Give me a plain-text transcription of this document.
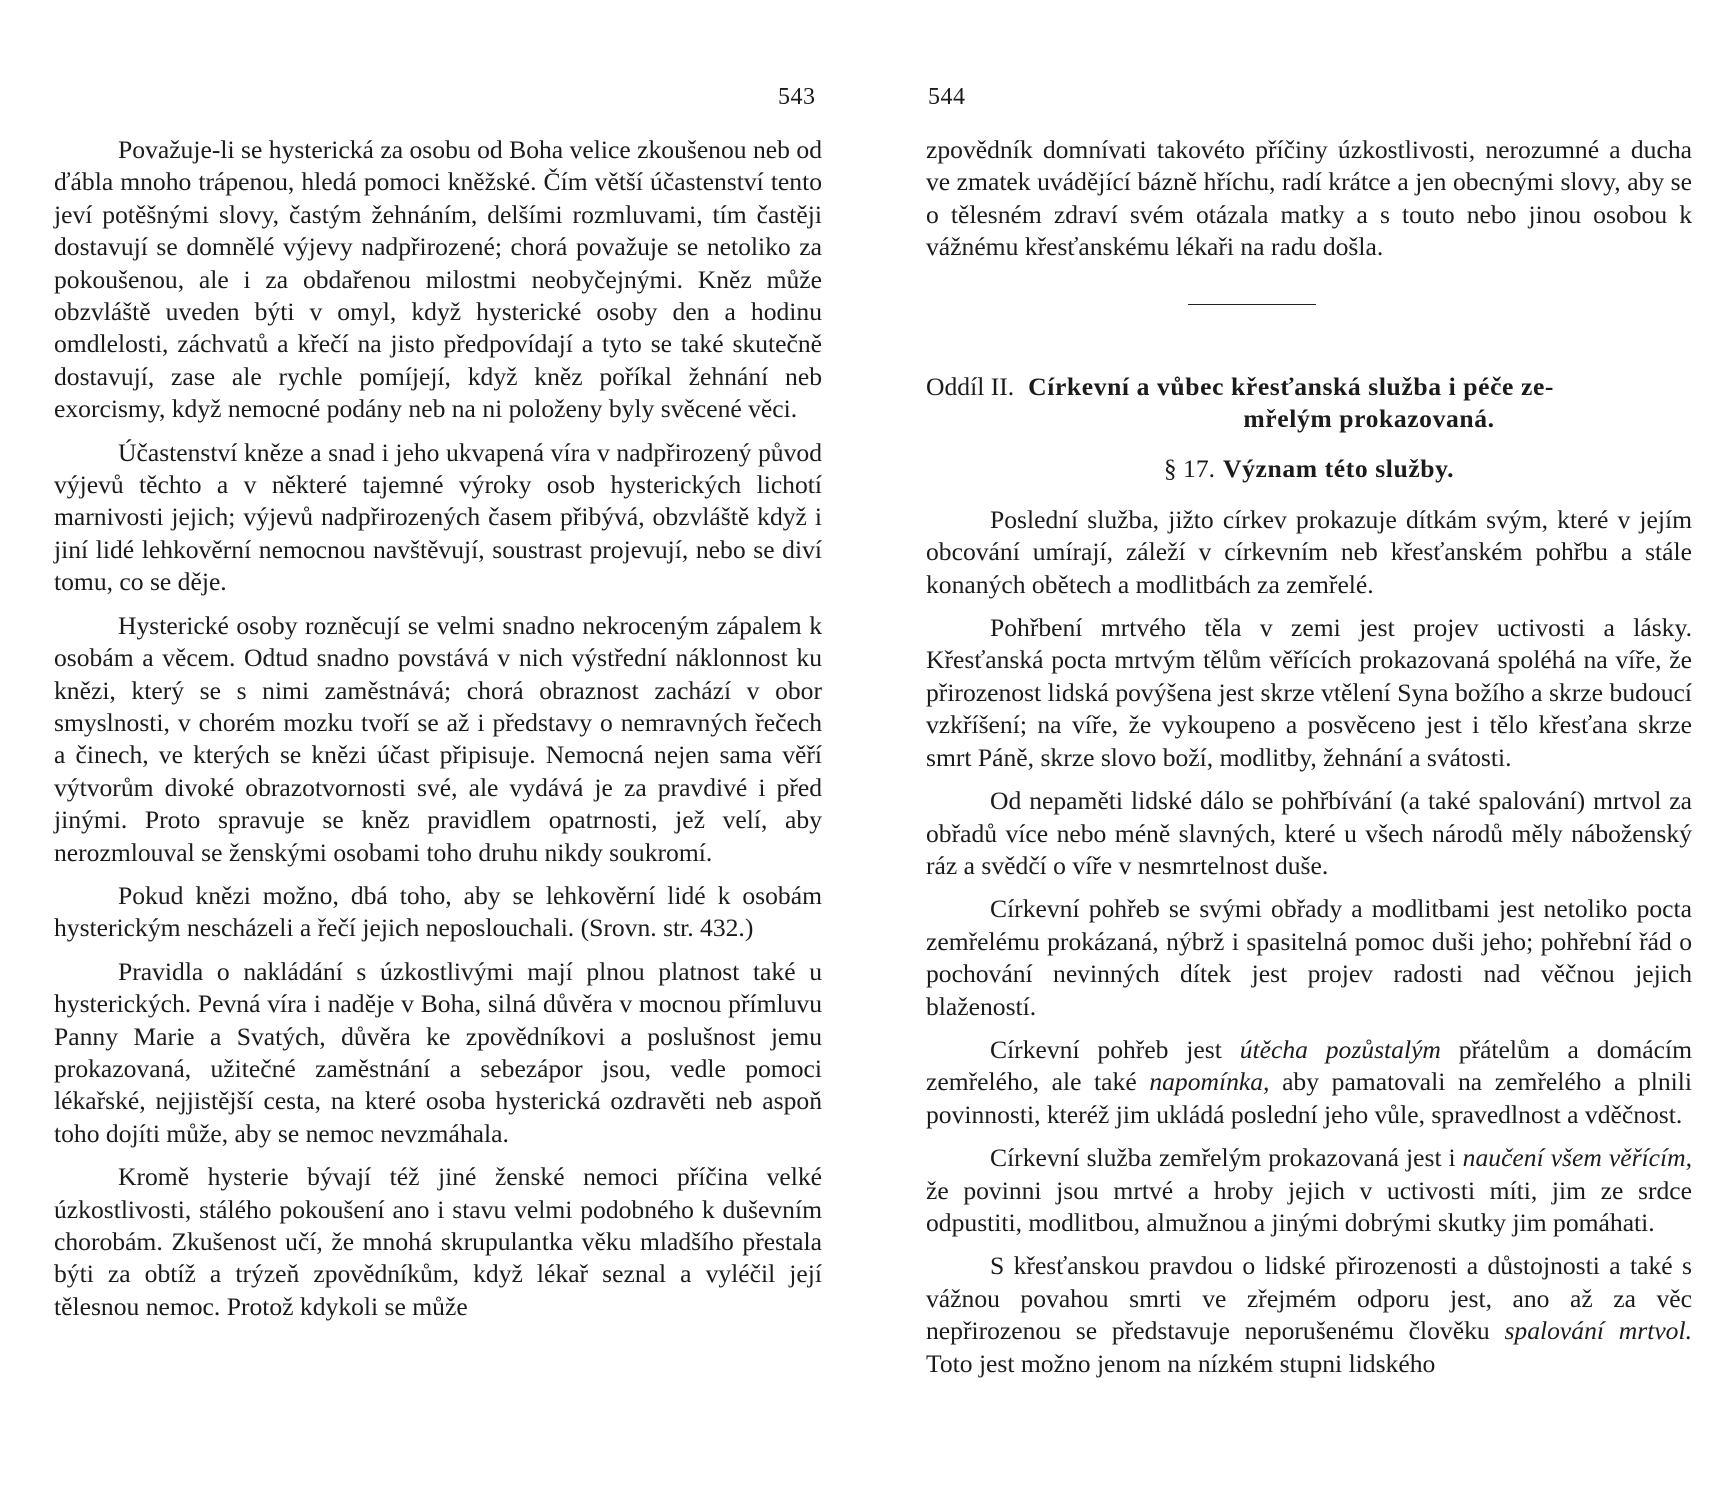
543

Považuje-li se hysterická za osobu od Boha velice zkoušenou neb od ďábla mnoho trápenou, hledá pomoci kněžské. Čím větší účastenství tento jeví potěšnými slovy, častým žehnáním, delšími rozmluvami, tím častěji dostavují se domnělé výjevy nadpřirozené; chorá považuje se netoliko za pokoušenou, ale i za obdařenou milostmi neobyčejnými. Kněz může obzvláště uveden býti v omyl, když hysterické osoby den a hodinu omdlelosti, záchvatů a křečí na jisto předpovídají a tyto se také skutečně dostavují, zase ale rychle pomíjejí, když kněz poříkal žehnání neb exorcismy, když nemocné podány neb na ni položeny byly svěcené věci.

Účastenství kněze a snad i jeho ukvapená víra v nadpřirozený původ výjevů těchto a v některé tajemné výroky osob hysterických lichotí marnivosti jejich; výjevů nadpřirozených časem přibývá, obzvláště když i jiní lidé lehkověrní nemocnou navštěvují, soustrast projevují, nebo se diví tomu, co se děje.

Hysterické osoby rozněcují se velmi snadno nekroceným zápalem k osobám a věcem. Odtud snadno povstává v nich výstřední náklonnost ku knězi, který se s nimi zaměstnává; chorá obraznost zachází v obor smyslnosti, v chorém mozku tvoří se až i představy o nemravných řečech a činech, ve kterých se knězi účast připisuje. Nemocná nejen sama věří výtvorům divoké obrazotvornosti své, ale vydává je za pravdivé i před jinými. Proto spravuje se kněz pravidlem opatrnosti, jež velí, aby nerozmlouval se ženskými osobami toho druhu nikdy soukromí.

Pokud knězi možno, dbá toho, aby se lehkověrní lidé k osobám hysterickým nescházeli a řečí jejich neposlouchali. (Srovn. str. 432.)

Pravidla o nakládání s úzkostlivými mají plnou platnost také u hysterických. Pevná víra i naděje v Boha, silná důvěra v mocnou přímluvu Panny Marie a Svatých, důvěra ke zpovědníkovi a poslušnost jemu prokazovaná, užitečné zaměstnání a sebezápor jsou, vedle pomoci lékařské, nejjistější cesta, na které osoba hysterická ozdravěti neb aspoň toho dojíti může, aby se nemoc nevzmáhala.

Kromě hysterie bývají též jiné ženské nemoci příčina velké úzkostlivosti, stálého pokoušení ano i stavu velmi podobného k duševním chorobám. Zkušenost učí, že mnohá skrupulantka věku mladšího přestala býti za obtíž a trýzeň zpovědníkům, když lékař seznal a vyléčil její tělesnou nemoc. Protož kdykoli se může

544

zpovědník domnívati takovéto příčiny úzkostlivosti, nerozumné a ducha ve zmatek uvádějící bázně hříchu, radí krátce a jen obecnými slovy, aby se o tělesném zdraví svém otázala matky a s touto nebo jinou osobou k vážnému křesťanskému lékaři na radu došla.

Oddíl II. Církevní a vůbec křesťanská služba i péče ze-
mřelým prokazovaná.
§ 17. Význam této služby.

Poslední služba, jižto církev prokazuje dítkám svým, které v jejím obcování umírají, záleží v církevním neb křesťanském pohřbu a stále konaných obětech a modlitbách za zemřelé.

Pohřbení mrtvého těla v zemi jest projev uctivosti a lásky. Křesťanská pocta mrtvým tělům věřících prokazovaná spoléhá na víře, že přirozenost lidská povýšena jest skrze vtělení Syna božího a skrze budoucí vzkříšení; na víře, že vykoupeno a posvěceno jest i tělo křesťana skrze smrt Páně, skrze slovo boží, modlitby, žehnání a svátosti.

Od nepaměti lidské dálo se pohřbívání (a také spalování) mrtvol za obřadů více nebo méně slavných, které u všech národů měly náboženský ráz a svědčí o víře v nesmrtelnost duše.

Církevní pohřeb se svými obřady a modlitbami jest netoliko pocta zemřelému prokázaná, nýbrž i spasitelná pomoc duši jeho; pohřební řád o pochování nevinných dítek jest projev radosti nad věčnou jejich blažeností.

Církevní pohřeb jest útěcha pozůstalým přátelům a domácím zemřelého, ale také napomínka, aby pamatovali na zemřelého a plnili povinnosti, kteréž jim ukládá poslední jeho vůle, spravedlnost a vděčnost.

Církevní služba zemřelým prokazovaná jest i naučení všem věřícím, že povinni jsou mrtvé a hroby jejich v uctivosti míti, jim ze srdce odpustiti, modlitbou, almužnou a jinými dobrými skutky jim pomáhati.

S křesťanskou pravdou o lidské přirozenosti a důstojnosti a také s vážnou povahou smrti ve zřejmém odporu jest, ano až za věc nepřirozenou se představuje neporušenému člověku spalování mrtvol. Toto jest možno jenom na nízkém stupni lidského
